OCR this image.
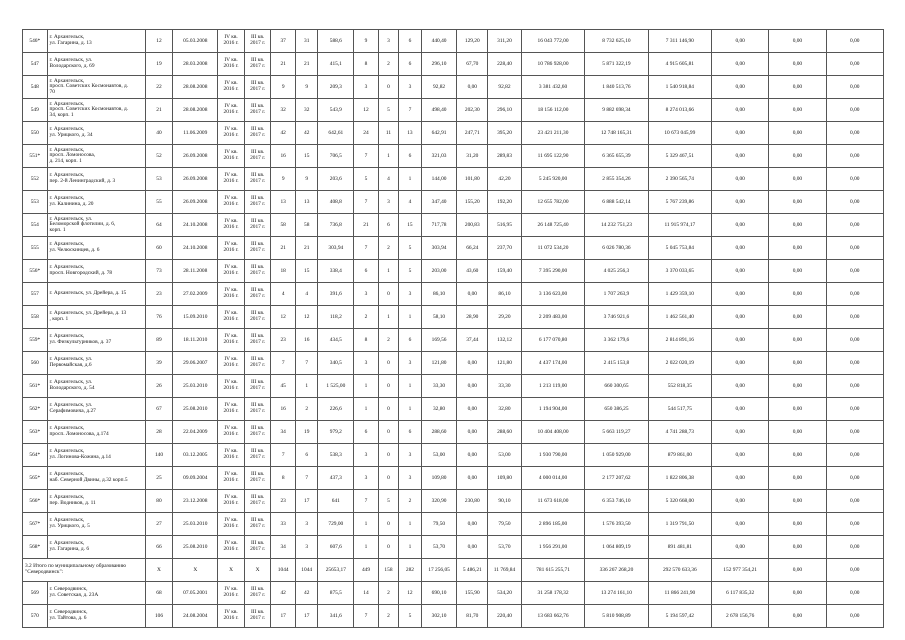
546*	г. Архангельск,
ул. Гагарина, д. 13	12	05.03.2008	IV кв.
2016 г.	III кв.
2017 г.	37	31	588,6	9	3	6	440,40	129,20	311,20	16 043 772,00	8 732 625,10	7 311 146,90	0,00	0,00	0,00
547	г. Архангельск, ул.
Володарского, д. 69	19	28.03.2008	IV кв.
2016 г.	III кв.
2017 г.	21	21	415,1	8	2	6	296,10	67,70	228,40	10 786 928,00	5 871 322,19	4 915 605,81	0,00	0,00	0,00
548	г. Архангельск,
просп. Советских Космонавтов, д.
70	22	28.08.2008	IV кв.
2016 г.	III кв.
2017 г.	9	9	209,3	3	0	3	92,82	0,00	92,82	3 381 432,60	1 840 513,76	1 540 918,84	0,00	0,00	0,00
549	г. Архангельск,
просп. Советских Космонавтов, д.
34, корп. 1	21	28.08.2008	IV кв.
2016 г.	III кв.
2017 г.	32	32	543,9	12	5	7	498,40	202,30	296,10	18 156 112,00	9 882 698,34	8 274 013,66	0,00	0,00	0,00
550	г. Архангельск,
ул. Урицкого, д. 34	40	11.06.2009	IV кв.
2016 г.	III кв.
2017 г.	42	42	642,61	24	11	13	642,91	247,71	395,20	23 421 211,30	12 748 165,31	10 673 045,99	0,00	0,00	0,00
551*	г. Архангельск,
просп. Ломоносова,
д. 214, корп. 1	52	26.09.2008	IV кв.
2016 г.	III кв.
2017 г.	16	15	706,5	7	1	6	321,03	31,20	289,83	11 695 122,90	6 365 655,39	5 329 467,51	0,00	0,00	0,00
552	г. Архангельск,
пер. 2-й Ленинградский, д. 3	53	26.09.2008	IV кв.
2016 г.	III кв.
2017 г.	9	9	203,6	5	4	1	144,00	101,80	42,20	5 245 920,00	2 855 354,26	2 390 565,74	0,00	0,00	0,00
553	г. Архангельск,
ул. Калинина, д. 20	55	26.09.2008	IV кв.
2016 г.	III кв.
2017 г.	13	13	408,8	7	3	4	347,40	155,20	192,20	12 655 782,00	6 888 542,14	5 767 239,86	0,00	0,00	0,00
554	г. Архангельск, ул.
Беломорской флотилии, д. 6,
корп. 1	64	24.10.2008	IV кв.
2016 г.	III кв.
2017 г.	58	58	736,8	21	6	15	717,78	200,83	516,95	26 148 725,40	14 232 751,23	11 915 974,17	0,00	0,00	0,00
555	г. Архангельск,
ул. Челюскинцев, д. 6	60	24.10.2008	IV кв.
2016 г.	III кв.
2017 г.	21	21	303,94	7	2	5	303,94	66,24	237,70	11 072 534,20	6 026 780,36	5 045 753,84	0,00	0,00	0,00
556*	г. Архангельск,
просп. Новгородский, д. 78	73	28.11.2008	IV кв.
2016 г.	III кв.
2017 г.	18	15	338,4	6	1	5	203,00	43,60	159,40	7 395 290,00	4 025 256,3	3 370 033,65	0,00	0,00	0,00
557	г. Архангельск, ул. Дрейера, д. 15	23	27.02.2009	IV кв.
2016 г.	III кв.
2017 г.	4	4	391,6	3	0	3	86,10	0,00	86,10	3 136 623,00	1 707 263,9	1 429 359,10	0,00	0,00	0,00
558	г. Архангельск, ул. Дрейера, д. 13
, корп. 1	76	15.09.2010	IV кв.
2016 г.	III кв.
2017 г.	12	12	118,2	2	1	1	58,10	28,90	29,20	2 209 483,00	3 746 921,6	1 462 561,40	0,00	0,00	0,00
559*	г. Архангельск,
ул. Физкультурников, д. 37	89	18.11.2010	IV кв.
2016 г.	III кв.
2017 г.	23	16	434,5	8	2	6	169,56	37,44	132,12	6 177 070,80	3 362 179,6	2 814 891,16	0,00	0,00	0,00
560	г. Архангельск, ул.
Первомайская, д.6	39	29.06.2007	IV кв.
2016 г.	III кв.
2017 г.	7	7	340,5	3	0	3	121,80	0,00	121,80	4 437 174,00	2 415 153,8	2 022 020,19	0,00	0,00	0,00
561*	г. Архангельск, ул.
Володарского, д. 54	26	25.03.2010	IV кв.
2016 г.	III кв.
2017 г.	45	1	1 525,00	1	0	1	33,30	0,00	33,30	1 213 119,00	660 300,65	552 818,35	0,00	0,00	0,00
562*	г. Архангельск, ул.
Серафимовича, д.27	67	25.08.2010	IV кв.
2016 г.	III кв.
2017 г.	16	2	226,6	1	0	1	32,80	0,00	32,80	1 194 904,00	650 386,25	544 517,75	0,00	0,00	0,00
563*	г. Архангельск,
просп. Ломоносова, д.174	28	22.04.2009	IV кв.
2016 г.	III кв.
2017 г.	34	19	979,2	6	0	6	288,60	0,00	288,60	10 404 408,00	5 663 119,27	4 741 288,73	0,00	0,00	0,00
564*	г. Архангельск,
ул. Логинова-Кожина, д.14	140	03.12.2005	IV кв.
2016 г.	III кв.
2017 г.	7	6	538,3	3	0	3	53,00	0,00	53,00	1 930 790,00	1 050 929,00	879 861,00	0,00	0,00	0,00
565*	г. Архангельск,
наб. Северной Двины, д.32 корп.5	25	09.09.2004	IV кв.
2016 г.	III кв.
2017 г.	8	7	437,3	3	0	3	109,80	0,00	109,80	4 000 014,00	2 177 207,62	1 822 806,38	0,00	0,00	0,00
566*	г. Архангельск,
пер. Водников, д. 11	80	23.12.2008	IV кв.
2016 г.	III кв.
2017 г.	23	17	641	7	5	2	320,90	230,80	90,10	11 673 618,00	6 353 746,10	5 320 668,00	0,00	0,00	0,00
567*	г. Архангельск,
ул. Урицкого, д. 5	27	25.03.2010	IV кв.
2016 г.	III кв.
2017 г.	33	3	729,00	1	0	1	79,50	0,00	79,50	2 896 185,00	1 576 393,50	1 319 791,50	0,00	0,00	0,00
568*	г. Архангельск,
ул. Гагарина, д. 6	66	25.08.2010	IV кв.
2016 г.	III кв.
2017 г.	34	3	607,6	1	0	1	53,70	0,00	53,70	1 956 291,00	1 064 809,19	891 481,81	0,00	0,00	0,00
3.2 Итого по муниципальному образованию
"Северодвинск":		X	X	X	X	1044	1044	25653,17	449	158	282	17 256,05	5 486,21	11 769,84	781 615 255,71	336 267 268,20	292 570 633,36	152 977 354,21	0,00	0,00
569	г. Северодвинск,
ул. Советская, д. 23А	68	07.05.2001	IV кв.
2016 г.	III кв.
2017 г.	42	42	875,5	14	2	12	690,10	155,90	534,20	31 258 178,32	13 274 161,10	11 866 241,90	6 117 835,32	0,00	0,00
570	г. Северодвинск,
ул. Тайтова, д. 6	106	24.08.2004	IV кв.
2016 г.	III кв.
2017 г.	17	17	341,6	7	2	5	302,10	81,70	220,40	13 683 662,76	5 810 908,89	5 194 597,42	2 678 156,76	0,00	0,00
